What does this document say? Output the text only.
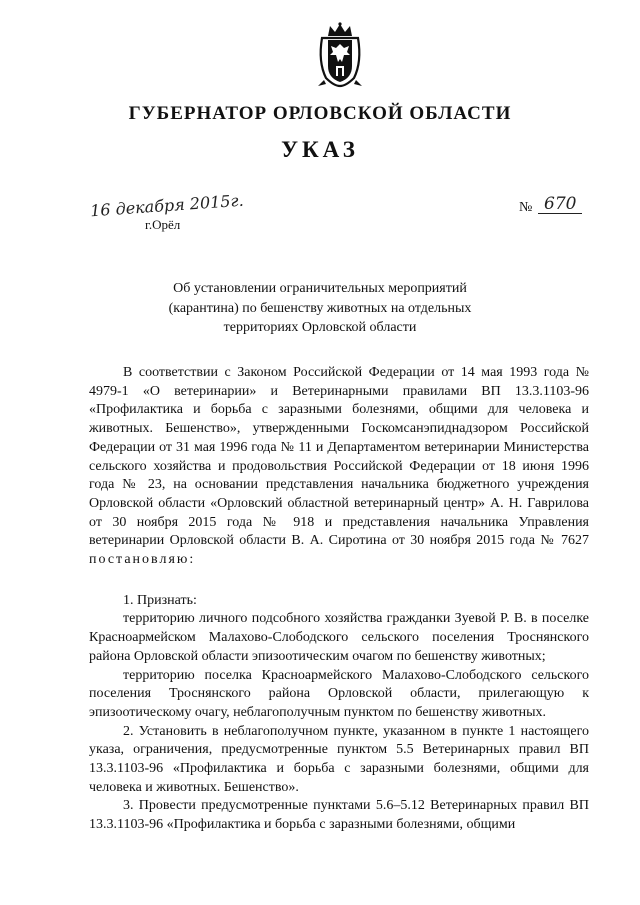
ГУБЕРНАТОР ОРЛОВСКОЙ ОБЛАСТИ
УКАЗ
16 декабря 2015г.
г.Орёл
№ 670

Об установлении ограничительных мероприятий (карантина) по бешенству животных на отдельных территориях Орловской области

В соответствии с Законом Российской Федерации от 14 мая 1993 года № 4979-1 «О ветеринарии» и Ветеринарными правилами ВП 13.3.1103-96 «Профилактика и борьба с заразными болезнями, общими для человека и животных. Бешенство», утвержденными Госкомсанэпиднадзором Российской Федерации от 31 мая 1996 года № 11 и Департаментом ветеринарии Министерства сельского хозяйства и продовольствия Российской Федерации от 18 июня 1996 года № 23, на основании представления начальника бюджетного учреждения Орловской области «Орловский областной ветеринарный центр» А. Н. Гаврилова от 30 ноября 2015 года № 918 и представления начальника Управления ветеринарии Орловской области В. А. Сиротина от 30 ноября 2015 года № 7627 постановляю:

1. Признать:

территорию личного подсобного хозяйства гражданки Зуевой Р. В. в поселке Красноармейском Малахово-Слободского сельского поселения Троснянского района Орловской области эпизоотическим очагом по бешенству животных;

территорию поселка Красноармейского Малахово-Слободского сельского поселения Троснянского района Орловской области, прилегающую к эпизоотическому очагу, неблагополучным пунктом по бешенству животных.

2. Установить в неблагополучном пункте, указанном в пункте 1 настоящего указа, ограничения, предусмотренные пунктом 5.5 Ветеринарных правил ВП 13.3.1103-96 «Профилактика и борьба с заразными болезнями, общими для человека и животных. Бешенство».

3. Провести предусмотренные пунктами 5.6–5.12 Ветеринарных правил ВП 13.3.1103-96 «Профилактика и борьба с заразными болезнями, общими
